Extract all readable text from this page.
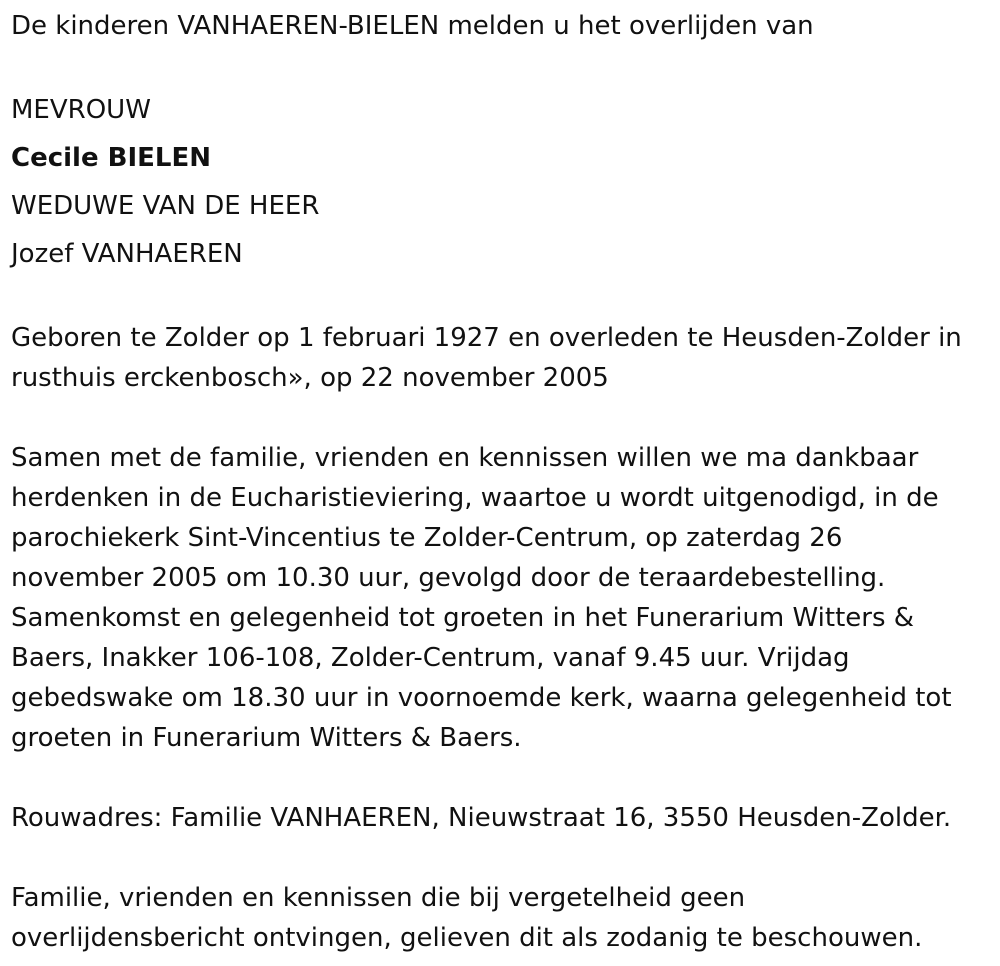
De kinderen VANHAEREN-BIELEN melden u het overlijden van

MEVROUW

Cecile BIELEN

WEDUWE VAN DE HEER

Jozef VANHAEREN

Geboren te Zolder op 1 februari 1927 en overleden te Heusden-Zolder in

rusthuis erckenbosch», op 22 november 2005

Samen met de familie, vrienden en kennissen willen we ma dankbaar

herdenken in de Eucharistieviering, waartoe u wordt uitgenodigd, in de

parochiekerk Sint-Vincentius te Zolder-Centrum, op zaterdag 26

november 2005 om 10.30 uur, gevolgd door de teraardebestelling.

Samenkomst en gelegenheid tot groeten in het Funerarium Witters &

Baers, Inakker 106-108, Zolder-Centrum, vanaf 9.45 uur. Vrijdag

gebedswake om 18.30 uur in voornoemde kerk, waarna gelegenheid tot

groeten in Funerarium Witters & Baers.

Rouwadres: Familie VANHAEREN, Nieuwstraat 16, 3550 Heusden-Zolder.

Familie, vrienden en kennissen die bij vergetelheid geen

overlijdensbericht ontvingen, gelieven dit als zodanig te beschouwen.
